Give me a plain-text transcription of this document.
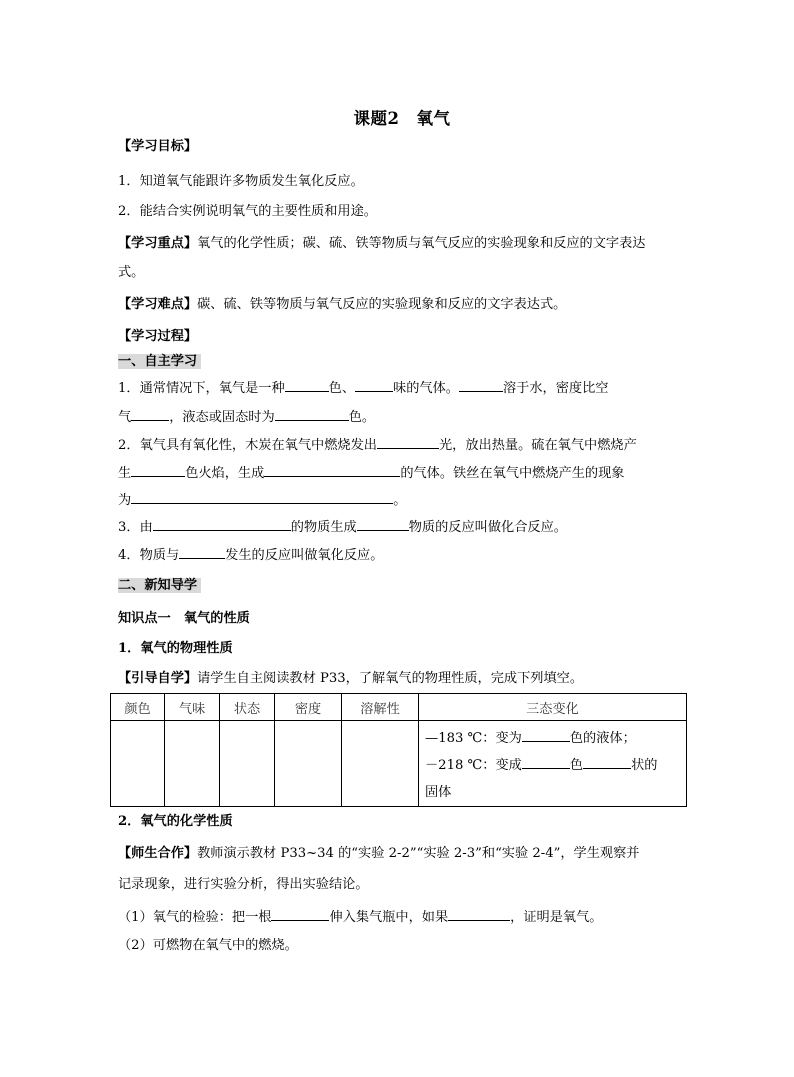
课题2　氧气
【学习目标】
1．知道氧气能跟许多物质发生氧化反应。
2．能结合实例说明氧气的主要性质和用途。
【学习重点】氧气的化学性质；碳、硫、铁等物质与氧气反应的实验现象和反应的文字表达
式。
【学习难点】碳、硫、铁等物质与氧气反应的实验现象和反应的文字表达式。
【学习过程】
一、自主学习
1．通常情况下，氧气是一种	色、	味的气体。	溶于水，密度比空
气	，液态或固态时为	色。
2．氧气具有氧化性，木炭在氧气中燃烧发出	光，放出热量。硫在氧气中燃烧产
生	色火焰，生成	的气体。铁丝在氧气中燃烧产生的现象
为	。
3．由	的物质生成	物质的反应叫做化合反应。
4．物质与	发生的反应叫做氧化反应。
二、新知导学
知识点一　氧气的性质
1．氧气的物理性质
【引导自学】请学生自主阅读教材 P33，了解氧气的物理性质，完成下列填空。
颜色	气味	状态	密度	溶解性	三态变化

					—183 ℃：变为 色的液体；
－218 ℃：变成 色 状的
固体
2．氧气的化学性质
【师生合作】教师演示教材 P33~34 的“实验 2-2”“实验 2-3”和“实验 2-4”，学生观察并
记录现象，进行实验分析，得出实验结论。
（1）氧气的检验：把一根	伸入集气瓶中，如果	，证明是氧气。
（2）可燃物在氧气中的燃烧。
